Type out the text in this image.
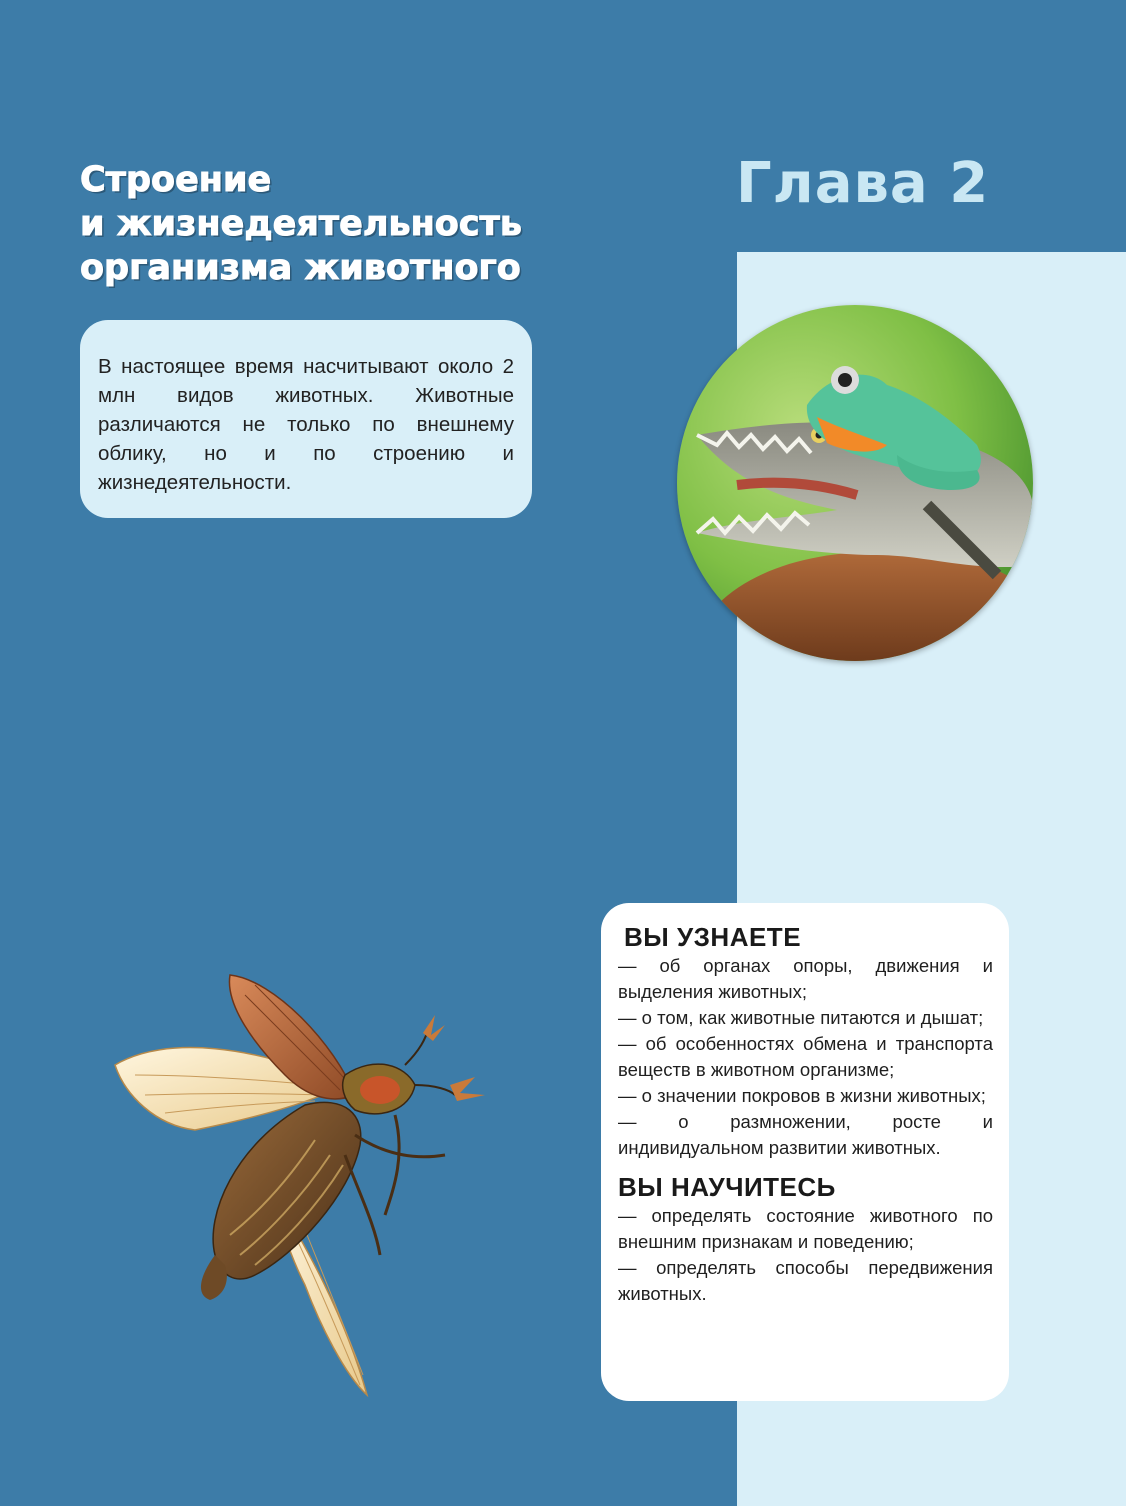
Глава 2
Строение
и жизнедеятельность
организма животного

В настоящее время насчитывают около 2 млн видов животных. Животные различаются не только по внешнему облику, но и по строению и жизнедеятельности.

ВЫ УЗНАЕТЕ

— об органах опоры, движения и выделения животных;

— о том, как животные питаются и дышат;

— об особенностях обмена и транспорта веществ в животном организме;

— о значении покровов в жизни животных;

— о размножении, росте и индивидуальном развитии животных.

ВЫ НАУЧИТЕСЬ

— определять состояние животного по внешним признакам и поведению;

— определять способы передвижения животных.
